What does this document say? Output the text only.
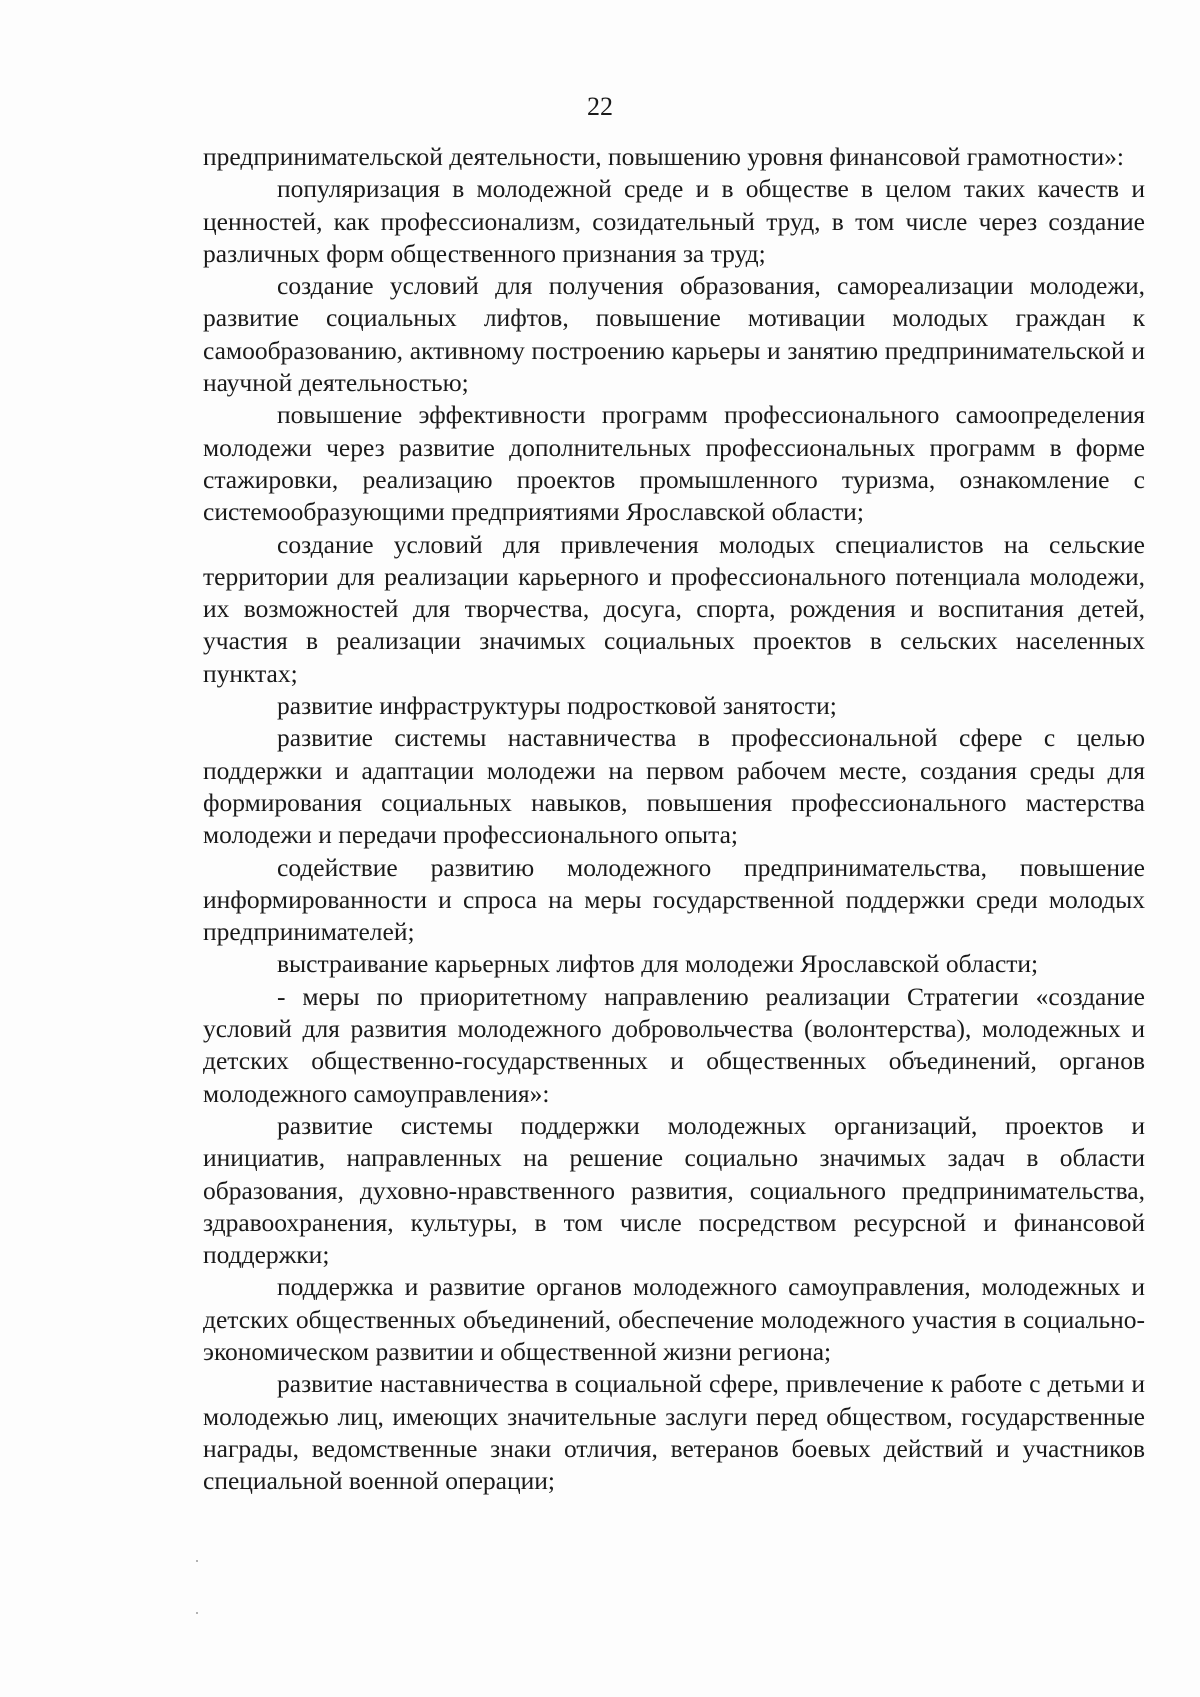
22

предпринимательской деятельности, повышению уровня финансовой грамотности»:

популяризация в молодежной среде и в обществе в целом таких качеств и ценностей, как профессионализм, созидательный труд, в том числе через создание различных форм общественного признания за труд;

создание условий для получения образования, самореализации молодежи, развитие социальных лифтов, повышение мотивации молодых граждан к самообразованию, активному построению карьеры и занятию предпринимательской и научной деятельностью;

повышение эффективности программ профессионального самоопределения молодежи через развитие дополнительных профессиональных программ в форме стажировки, реализацию проектов промышленного туризма, ознакомление с системообразующими предприятиями Ярославской области;

создание условий для привлечения молодых специалистов на сельские территории для реализации карьерного и профессионального потенциала молодежи, их возможностей для творчества, досуга, спорта, рождения и воспитания детей, участия в реализации значимых социальных проектов в сельских населенных пунктах;

развитие инфраструктуры подростковой занятости;

развитие системы наставничества в профессиональной сфере с целью поддержки и адаптации молодежи на первом рабочем месте, создания среды для формирования социальных навыков, повышения профессионального мастерства молодежи и передачи профессионального опыта;

содействие развитию молодежного предпринимательства, повышение информированности и спроса на меры государственной поддержки среди молодых предпринимателей;

выстраивание карьерных лифтов для молодежи Ярославской области;

- меры по приоритетному направлению реализации Стратегии «создание условий для развития молодежного добровольчества (волонтерства), молодежных и детских общественно-государственных и общественных объединений, органов молодежного самоуправления»:

развитие системы поддержки молодежных организаций, проектов и инициатив, направленных на решение социально значимых задач в области образования, духовно-нравственного развития, социального предпринимательства, здравоохранения, культуры, в том числе посредством ресурсной и финансовой поддержки;

поддержка и развитие органов молодежного самоуправления, молодежных и детских общественных объединений, обеспечение молодежного участия в социально-экономическом развитии и общественной жизни региона;

развитие наставничества в социальной сфере, привлечение к работе с детьми и молодежью лиц, имеющих значительные заслуги перед обществом, государственные награды, ведомственные знаки отличия, ветеранов боевых действий и участников специальной военной операции;
